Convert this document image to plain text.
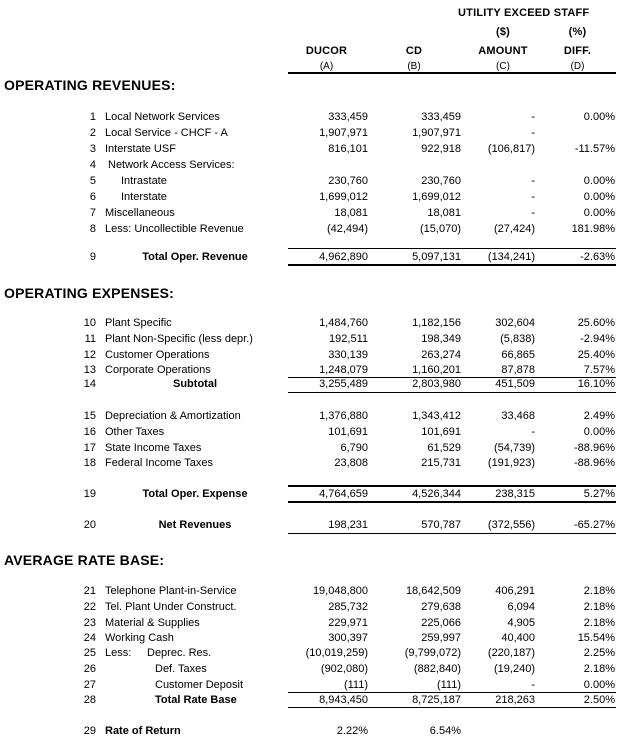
UTILITY EXCEED STAFF
($)	(%)
DUCOR	CD	AMOUNT	DIFF.
(A)	(B)	(C)	(D)
OPERATING REVENUES:
1 Local Network Services	333,459	333,459	-	0.00%
2 Local Service - CHCF - A	1,907,971	1,907,971	-
3 Interstate USF	816,101	922,918	(106,817)	-11.57%
4 Network Access Services:
5 Intrastate	230,760	230,760	-	0.00%
6 Interstate	1,699,012	1,699,012	-	0.00%
7 Miscellaneous	18,081	18,081	-	0.00%
8 Less: Uncollectible Revenue	(42,494)	(15,070)	(27,424)	181.98%
9	Total Oper. Revenue	4,962,890	5,097,131	(134,241)	-2.63%
OPERATING EXPENSES:
10 Plant Specific	1,484,760	1,182,156	302,604	25.60%
11 Plant Non-Specific (less depr.)	192,511	198,349	(5,838)	-2.94%
12 Customer Operations	330,139	263,274	66,865	25.40%
13 Corporate Operations	1,248,079	1,160,201	87,878	7.57%
14	Subtotal	3,255,489	2,803,980	451,509	16.10%
15 Depreciation & Amortization	1,376,880	1,343,412	33,468	2.49%
16 Other Taxes	101,691	101,691	-	0.00%
17 State Income Taxes	6,790	61,529	(54,739)	-88.96%
18 Federal Income Taxes	23,808	215,731	(191,923)	-88.96%
19	Total Oper. Expense	4,764,659	4,526,344	238,315	5.27%
20	Net Revenues	198,231	570,787	(372,556)	-65.27%
AVERAGE RATE BASE:
21 Telephone Plant-in-Service	19,048,800	18,642,509	406,291	2.18%
22 Tel. Plant Under Construct.	285,732	279,638	6,094	2.18%
23 Material & Supplies	229,971	225,066	4,905	2.18%
24 Working Cash	300,397	259,997	40,400	15.54%
25 Less: Deprec. Res.	(10,019,259)	(9,799,072)	(220,187)	2.25%
26	Def. Taxes	(902,080)	(882,840)	(19,240)	2.18%
27	Customer Deposit	(111)	(111)	-	0.00%
28	Total Rate Base	8,943,450	8,725,187	218,263	2.50%
29 Rate of Return	2.22%	6.54%
